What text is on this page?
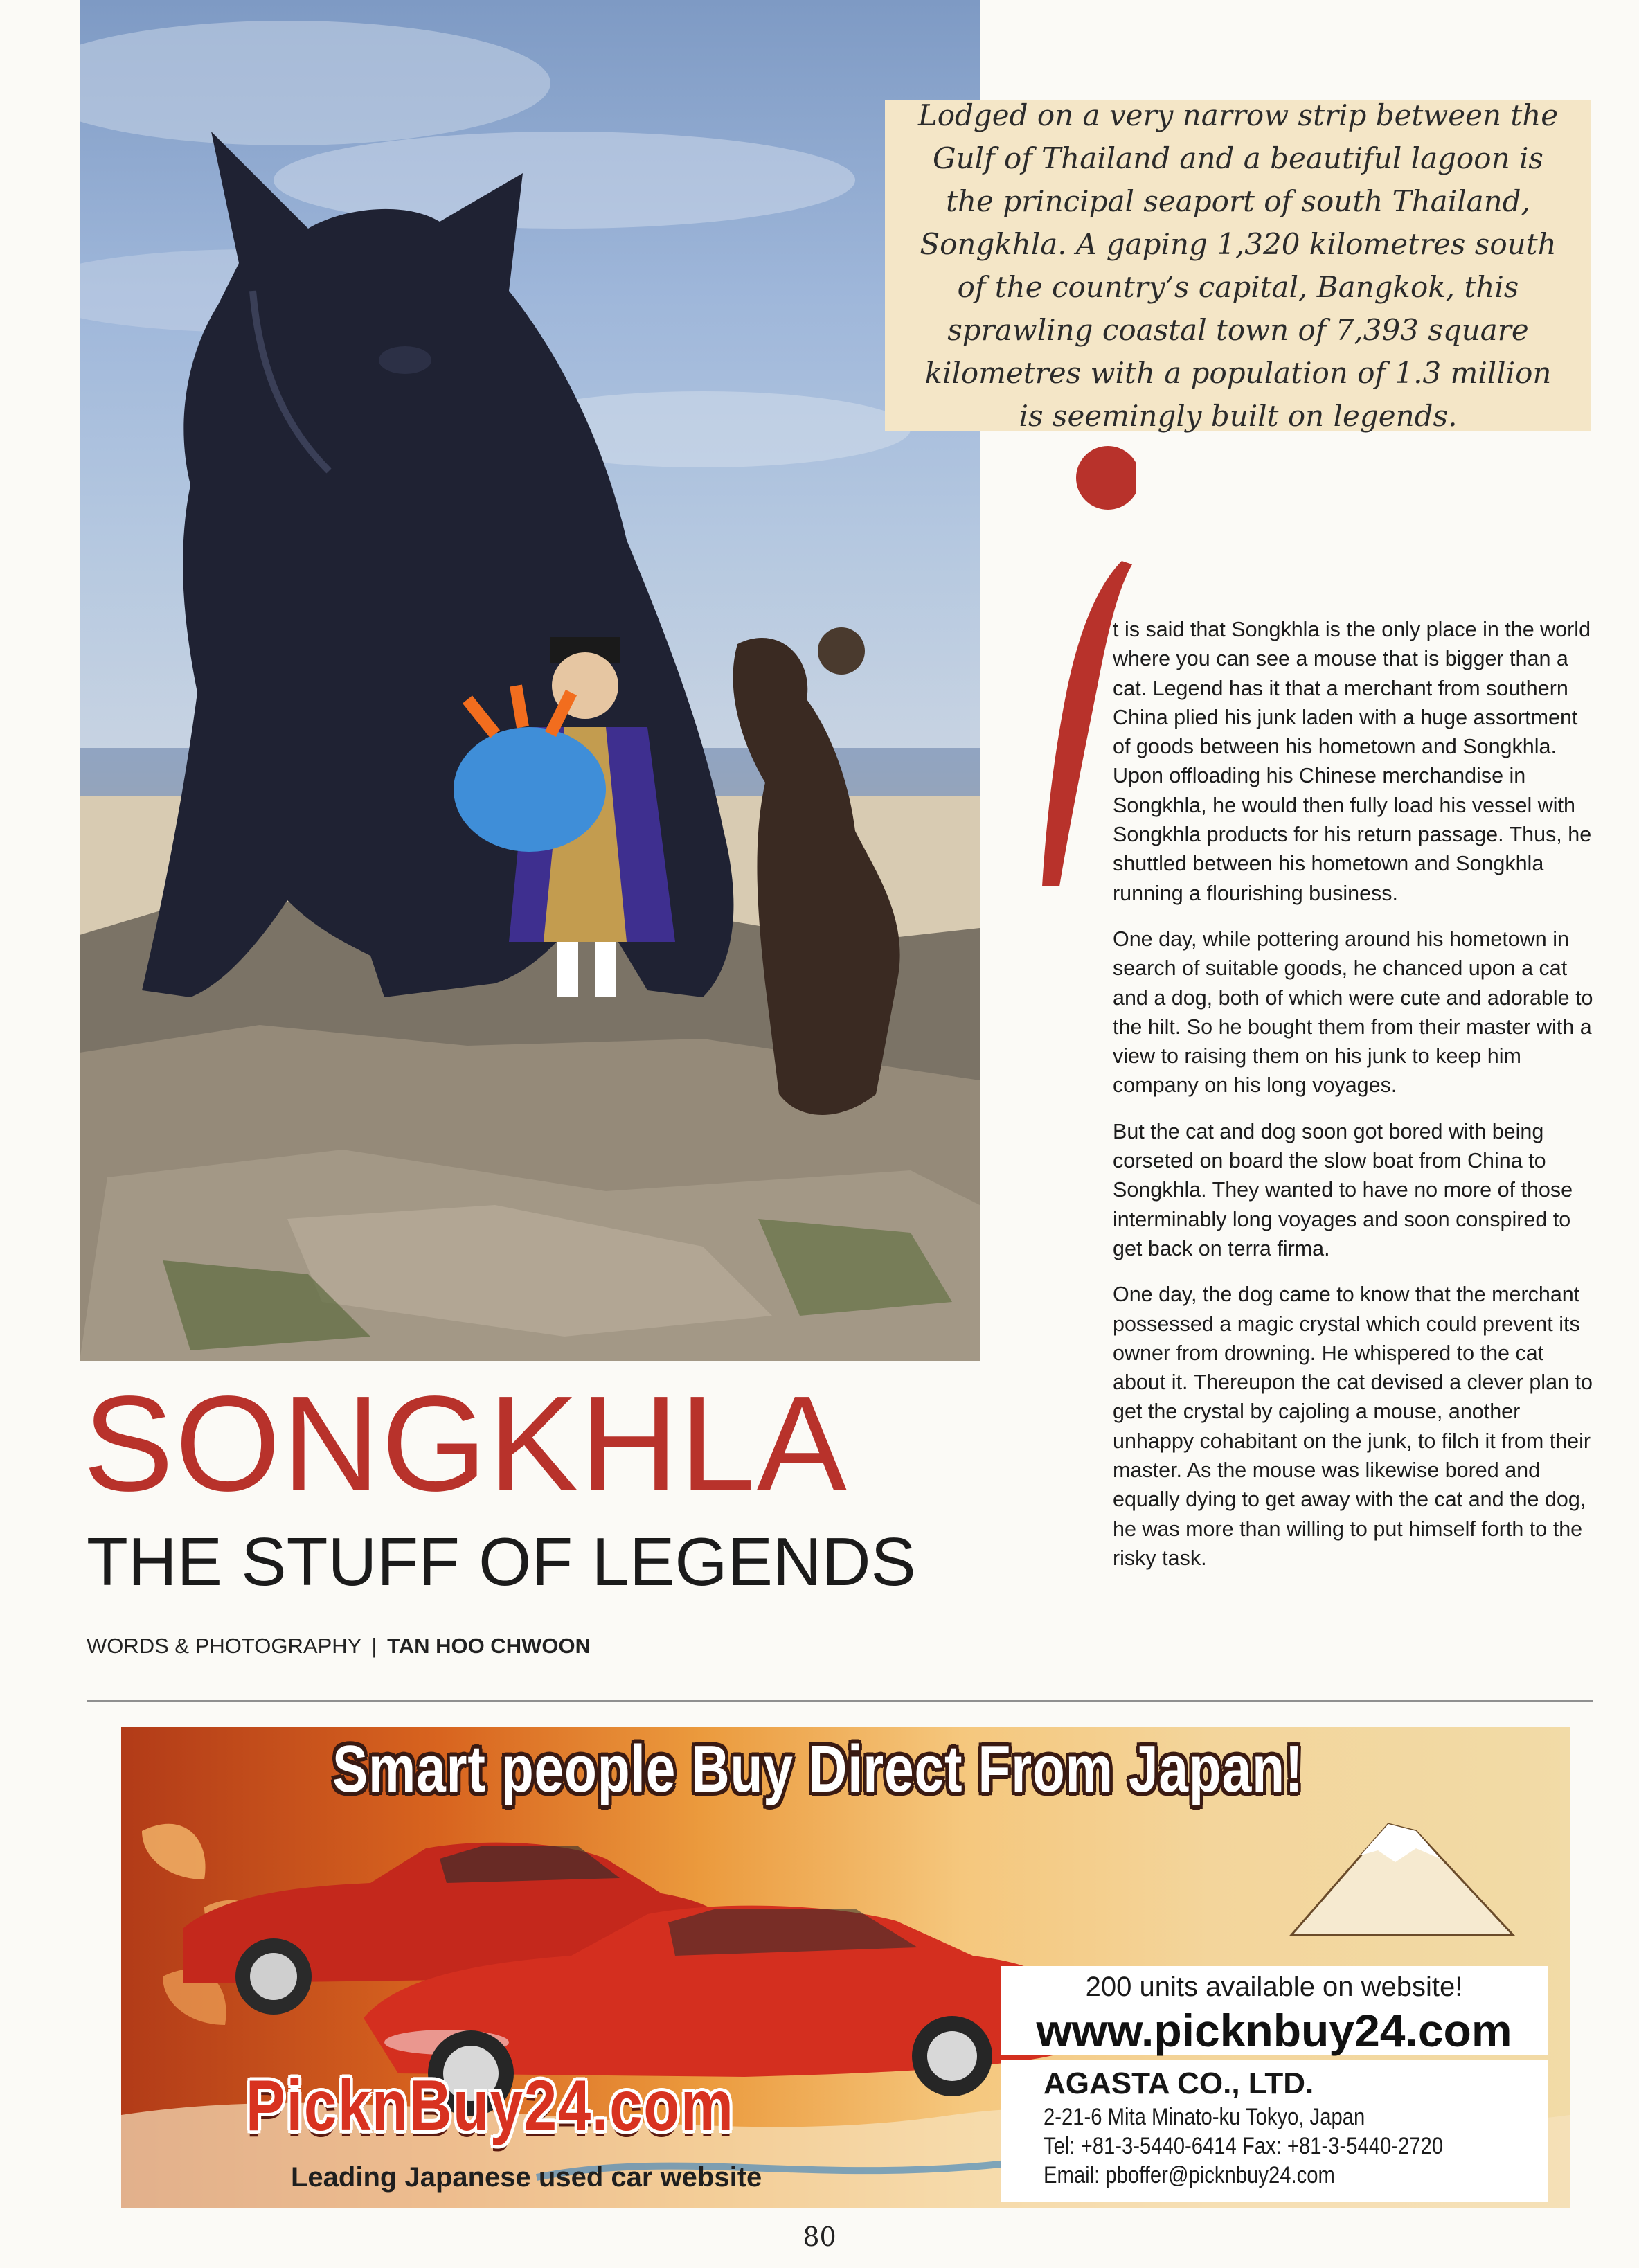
Lodged on a very narrow strip between the Gulf of Thailand and a beautiful lagoon is the principal seaport of south Thailand, Songkhla. A gaping 1,320 kilometres south of the country’s capital, Bangkok, this sprawling coastal town of 7,393 square kilometres with a population of 1.3 million is seemingly built on legends.

t is said that Songkhla is the only place in the world where you can see a mouse that is bigger than a cat. Legend has it that a merchant from southern China plied his junk laden with a huge assortment of goods between his hometown and Songkhla. Upon offloading his Chinese merchandise in Songkhla, he would then fully load his vessel with Songkhla products for his return passage. Thus, he shuttled between his hometown and Songkhla running a flourishing business.

One day, while pottering around his hometown in search of suitable goods, he chanced upon a cat and a dog, both of which were cute and adorable to the hilt. So he bought them from their master with a view to raising them on his junk to keep him company on his long voyages.

But the cat and dog soon got bored with being corseted on board the slow boat from China to Songkhla. They wanted to have no more of those interminably long voyages and soon conspired to get back on terra firma.

One day, the dog came to know that the merchant possessed a magic crystal which could prevent its owner from drowning. He whispered to the cat about it. Thereupon the cat devised a clever plan to get the crystal by cajoling a mouse, another unhappy cohabitant on the junk, to filch it from their master. As the mouse was likewise bored and equally dying to get away with the cat and the dog, he was more than willing to put himself forth to the risky task.

SONGKHLA
THE STUFF OF LEGENDS
WORDS & PHOTOGRAPHY | TAN HOO CHWOON
Smart people Buy Direct From Japan!
PicknBuy24.com
Leading Japanese used car website
200 units available on website!
www.picknbuy24.com
AGASTA CO., LTD.
2-21-6 Mita Minato-ku Tokyo, Japan
Tel: +81-3-5440-6414 Fax: +81-3-5440-2720
Email: pboffer@picknbuy24.com
80
